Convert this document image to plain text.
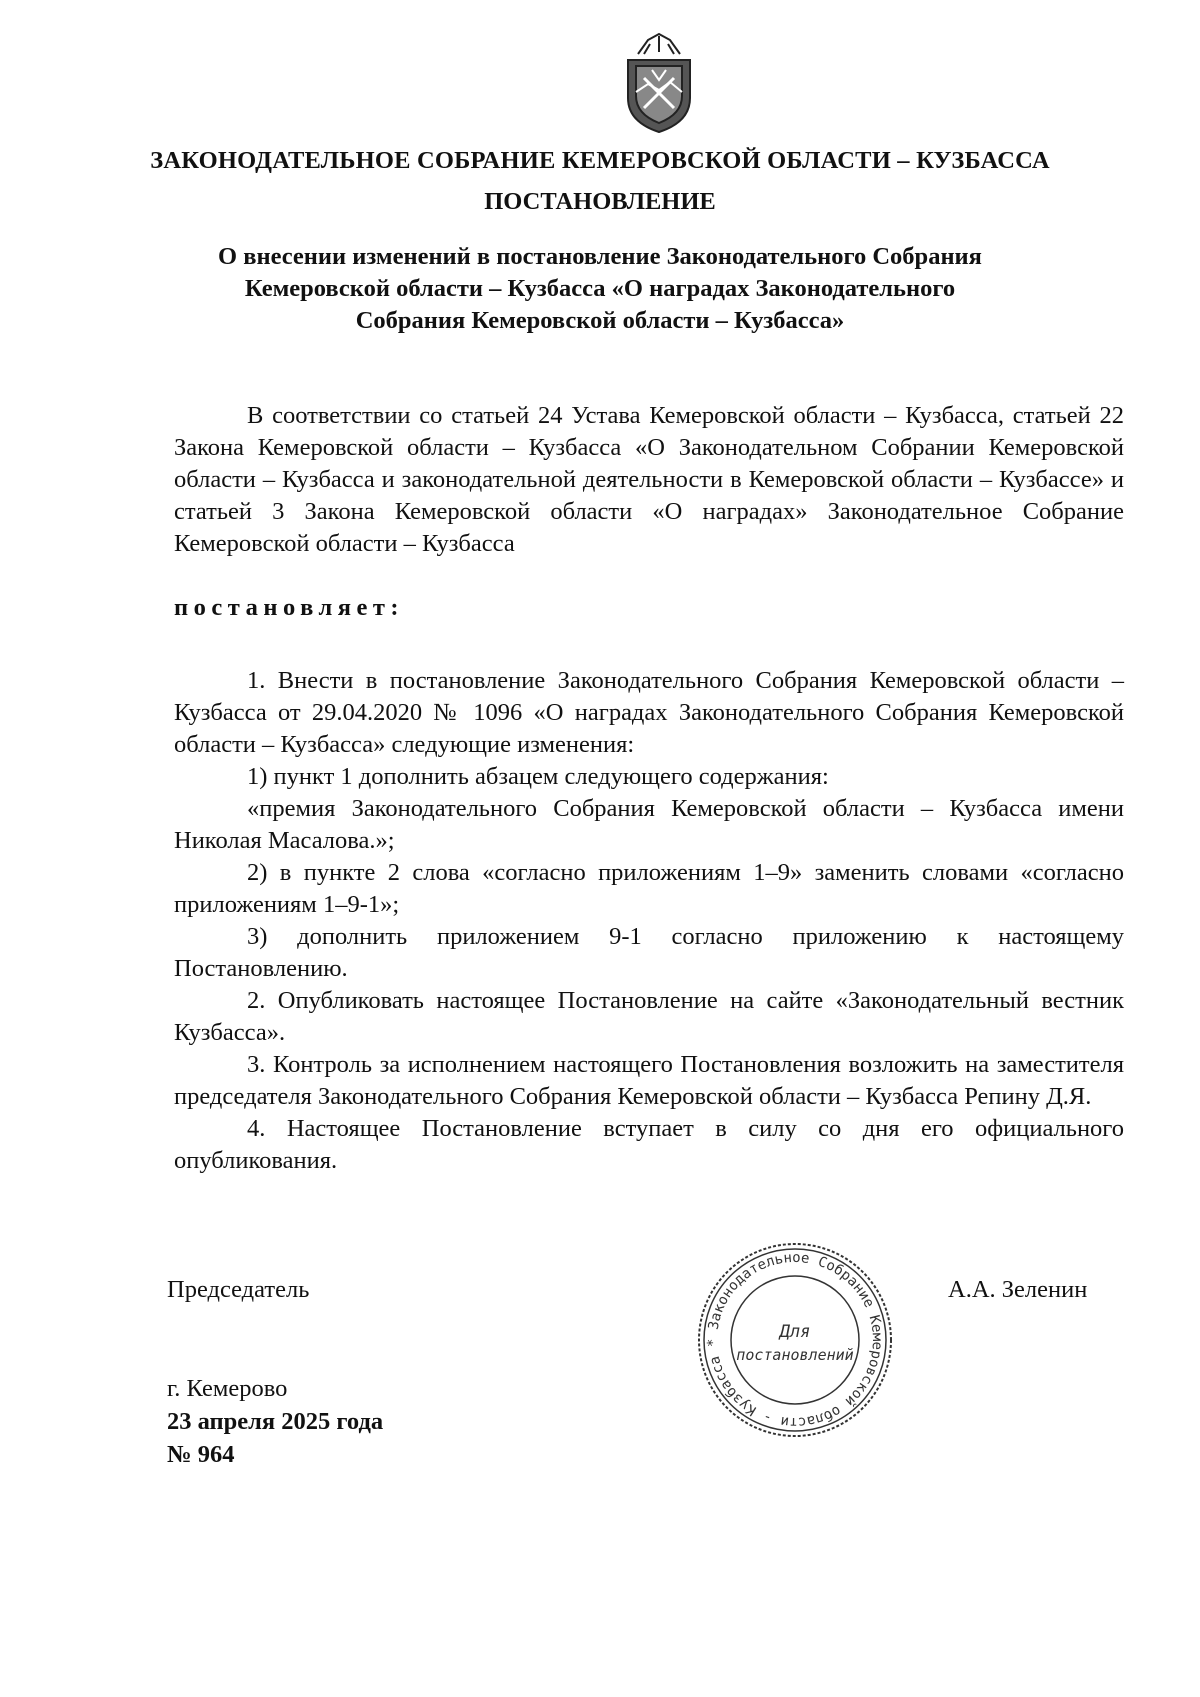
ЗАКОНОДАТЕЛЬНОЕ СОБРАНИЕ КЕМЕРОВСКОЙ ОБЛАСТИ – КУЗБАССА
ПОСТАНОВЛЕНИЕ
О внесении изменений в постановление Законодательного Собрания
Кемеровской области – Кузбасса «О наградах Законодательного
Собрания Кемеровской области – Кузбасса»
В соответствии со статьей 24 Устава Кемеровской области – Кузбасса, статьей 22 Закона Кемеровской области – Кузбасса «О Законодательном Собрании Кемеровской области – Кузбасса и законодательной деятельности в Кемеровской области – Кузбассе» и статьей 3 Закона Кемеровской области «О наградах» Законодательное Собрание Кемеровской области – Кузбасса
постановляет:

1. Внести в постановление Законодательного Собрания Кемеровской области – Кузбасса от 29.04.2020 № 1096 «О наградах Законодательного Собрания Кемеровской области – Кузбасса» следующие изменения:

1) пункт 1 дополнить абзацем следующего содержания:

«премия Законодательного Собрания Кемеровской области – Кузбасса имени Николая Масалова.»;

2) в пункте 2 слова «согласно приложениям 1–9» заменить словами «согласно приложениям 1–9-1»;

3) дополнить приложением 9-1 согласно приложению к настоящему Постановлению.

2. Опубликовать настоящее Постановление на сайте «Законодательный вестник Кузбасса».

3. Контроль за исполнением настоящего Постановления возложить на заместителя председателя Законодательного Собрания Кемеровской области – Кузбасса Репину Д.Я.

4. Настоящее Постановление вступает в силу со дня его официального опубликования.

Председатель	А.А. Зеленин
Законодательное Собрание Кемеровской области - Кузбасса *
Для
постановлений
г. Кемерово
23 апреля 2025 года
№ 964
